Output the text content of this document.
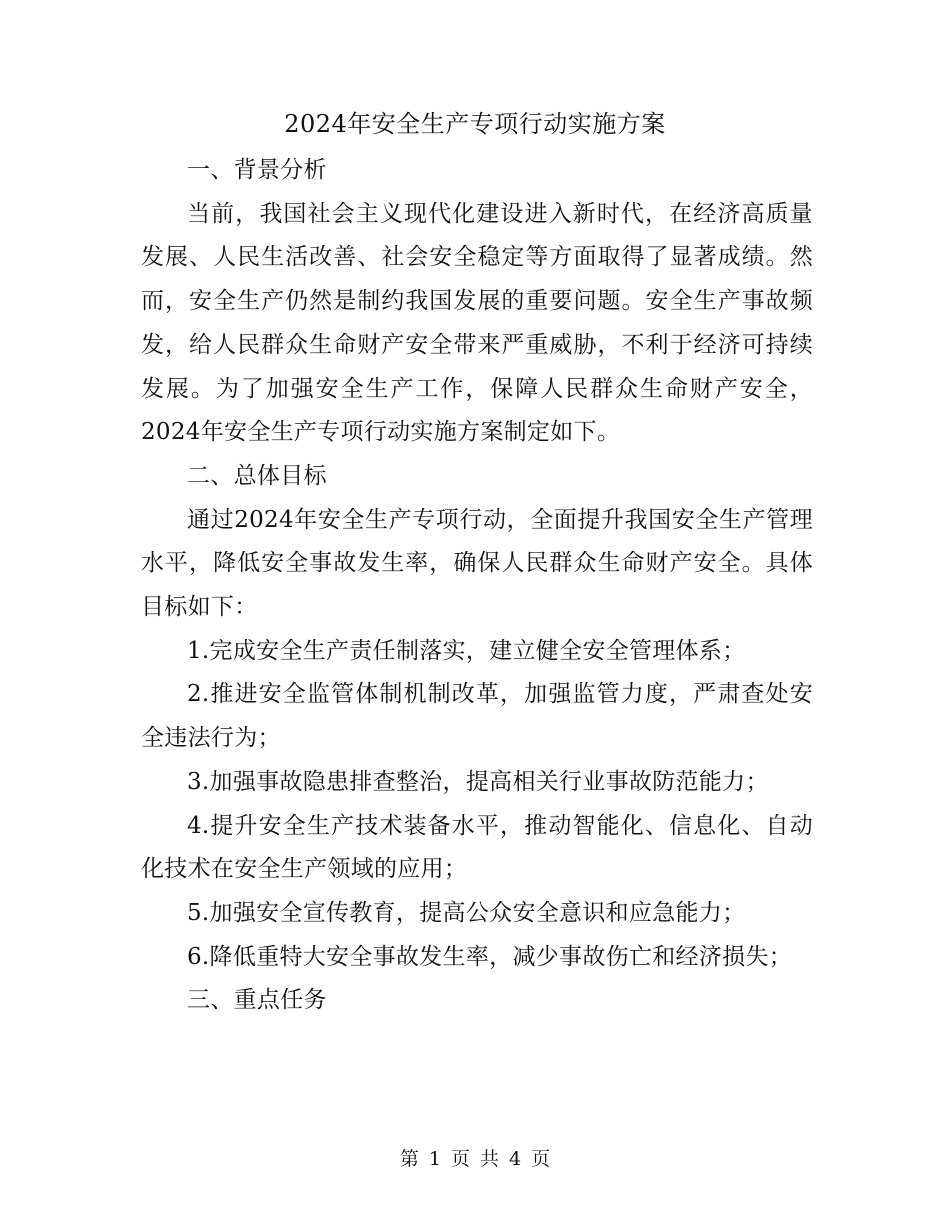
2024年安全生产专项行动实施方案

一、背景分析

当前，我国社会主义现代化建设进入新时代，在经济高质量发展、人民生活改善、社会安全稳定等方面取得了显著成绩。然而，安全生产仍然是制约我国发展的重要问题。安全生产事故频发，给人民群众生命财产安全带来严重威胁，不利于经济可持续发展。为了加强安全生产工作，保障人民群众生命财产安全，2024年安全生产专项行动实施方案制定如下。

二、总体目标

通过2024年安全生产专项行动，全面提升我国安全生产管理水平，降低安全事故发生率，确保人民群众生命财产安全。具体目标如下：

1.完成安全生产责任制落实，建立健全安全管理体系；

2.推进安全监管体制机制改革，加强监管力度，严肃查处安全违法行为；

3.加强事故隐患排查整治，提高相关行业事故防范能力；

4.提升安全生产技术装备水平，推动智能化、信息化、自动化技术在安全生产领域的应用；

5.加强安全宣传教育，提高公众安全意识和应急能力；

6.降低重特大安全事故发生率，减少事故伤亡和经济损失；

三、重点任务

第 1 页 共 4 页
